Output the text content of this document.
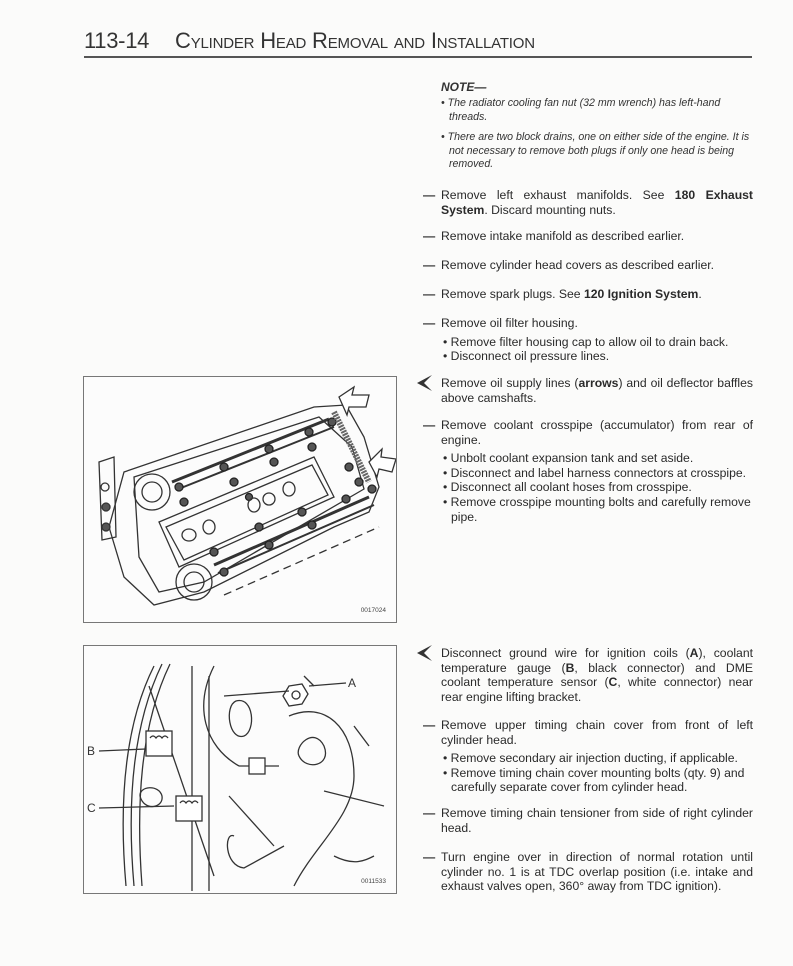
113-14 Cylinder Head Removal and Installation
NOTE—
• The radiator cooling fan nut (32 mm wrench) has left-hand threads.
• There are two block drains, one on either side of the engine. It is not necessary to remove both plugs if only one head is being removed.
— Remove left exhaust manifolds. See 180 Exhaust System. Discard mounting nuts.
— Remove intake manifold as described earlier.
— Remove cylinder head covers as described earlier.
— Remove spark plugs. See 120 Ignition System.
— Remove oil filter housing.
• Remove filter housing cap to allow oil to drain back.
• Disconnect oil pressure lines.
Remove oil supply lines (arrows) and oil deflector baffles above camshafts.
— Remove coolant crosspipe (accumulator) from rear of engine.
• Unbolt coolant expansion tank and set aside.
• Disconnect and label harness connectors at crosspipe.
• Disconnect all coolant hoses from crosspipe.
• Remove crosspipe mounting bolts and carefully remove pipe.
Disconnect ground wire for ignition coils (A), coolant temperature gauge (B, black connector) and DME coolant temperature sensor (C, white connector) near rear engine lifting bracket.
— Remove upper timing chain cover from front of left cylinder head.
• Remove secondary air injection ducting, if applicable.
• Remove timing chain cover mounting bolts (qty. 9) and carefully separate cover from cylinder head.
— Remove timing chain tensioner from side of right cylinder head.
— Turn engine over in direction of normal rotation until cylinder no. 1 is at TDC overlap position (i.e. intake and exhaust valves open, 360° away from TDC ignition).
0017024
B
C
A
0011533
